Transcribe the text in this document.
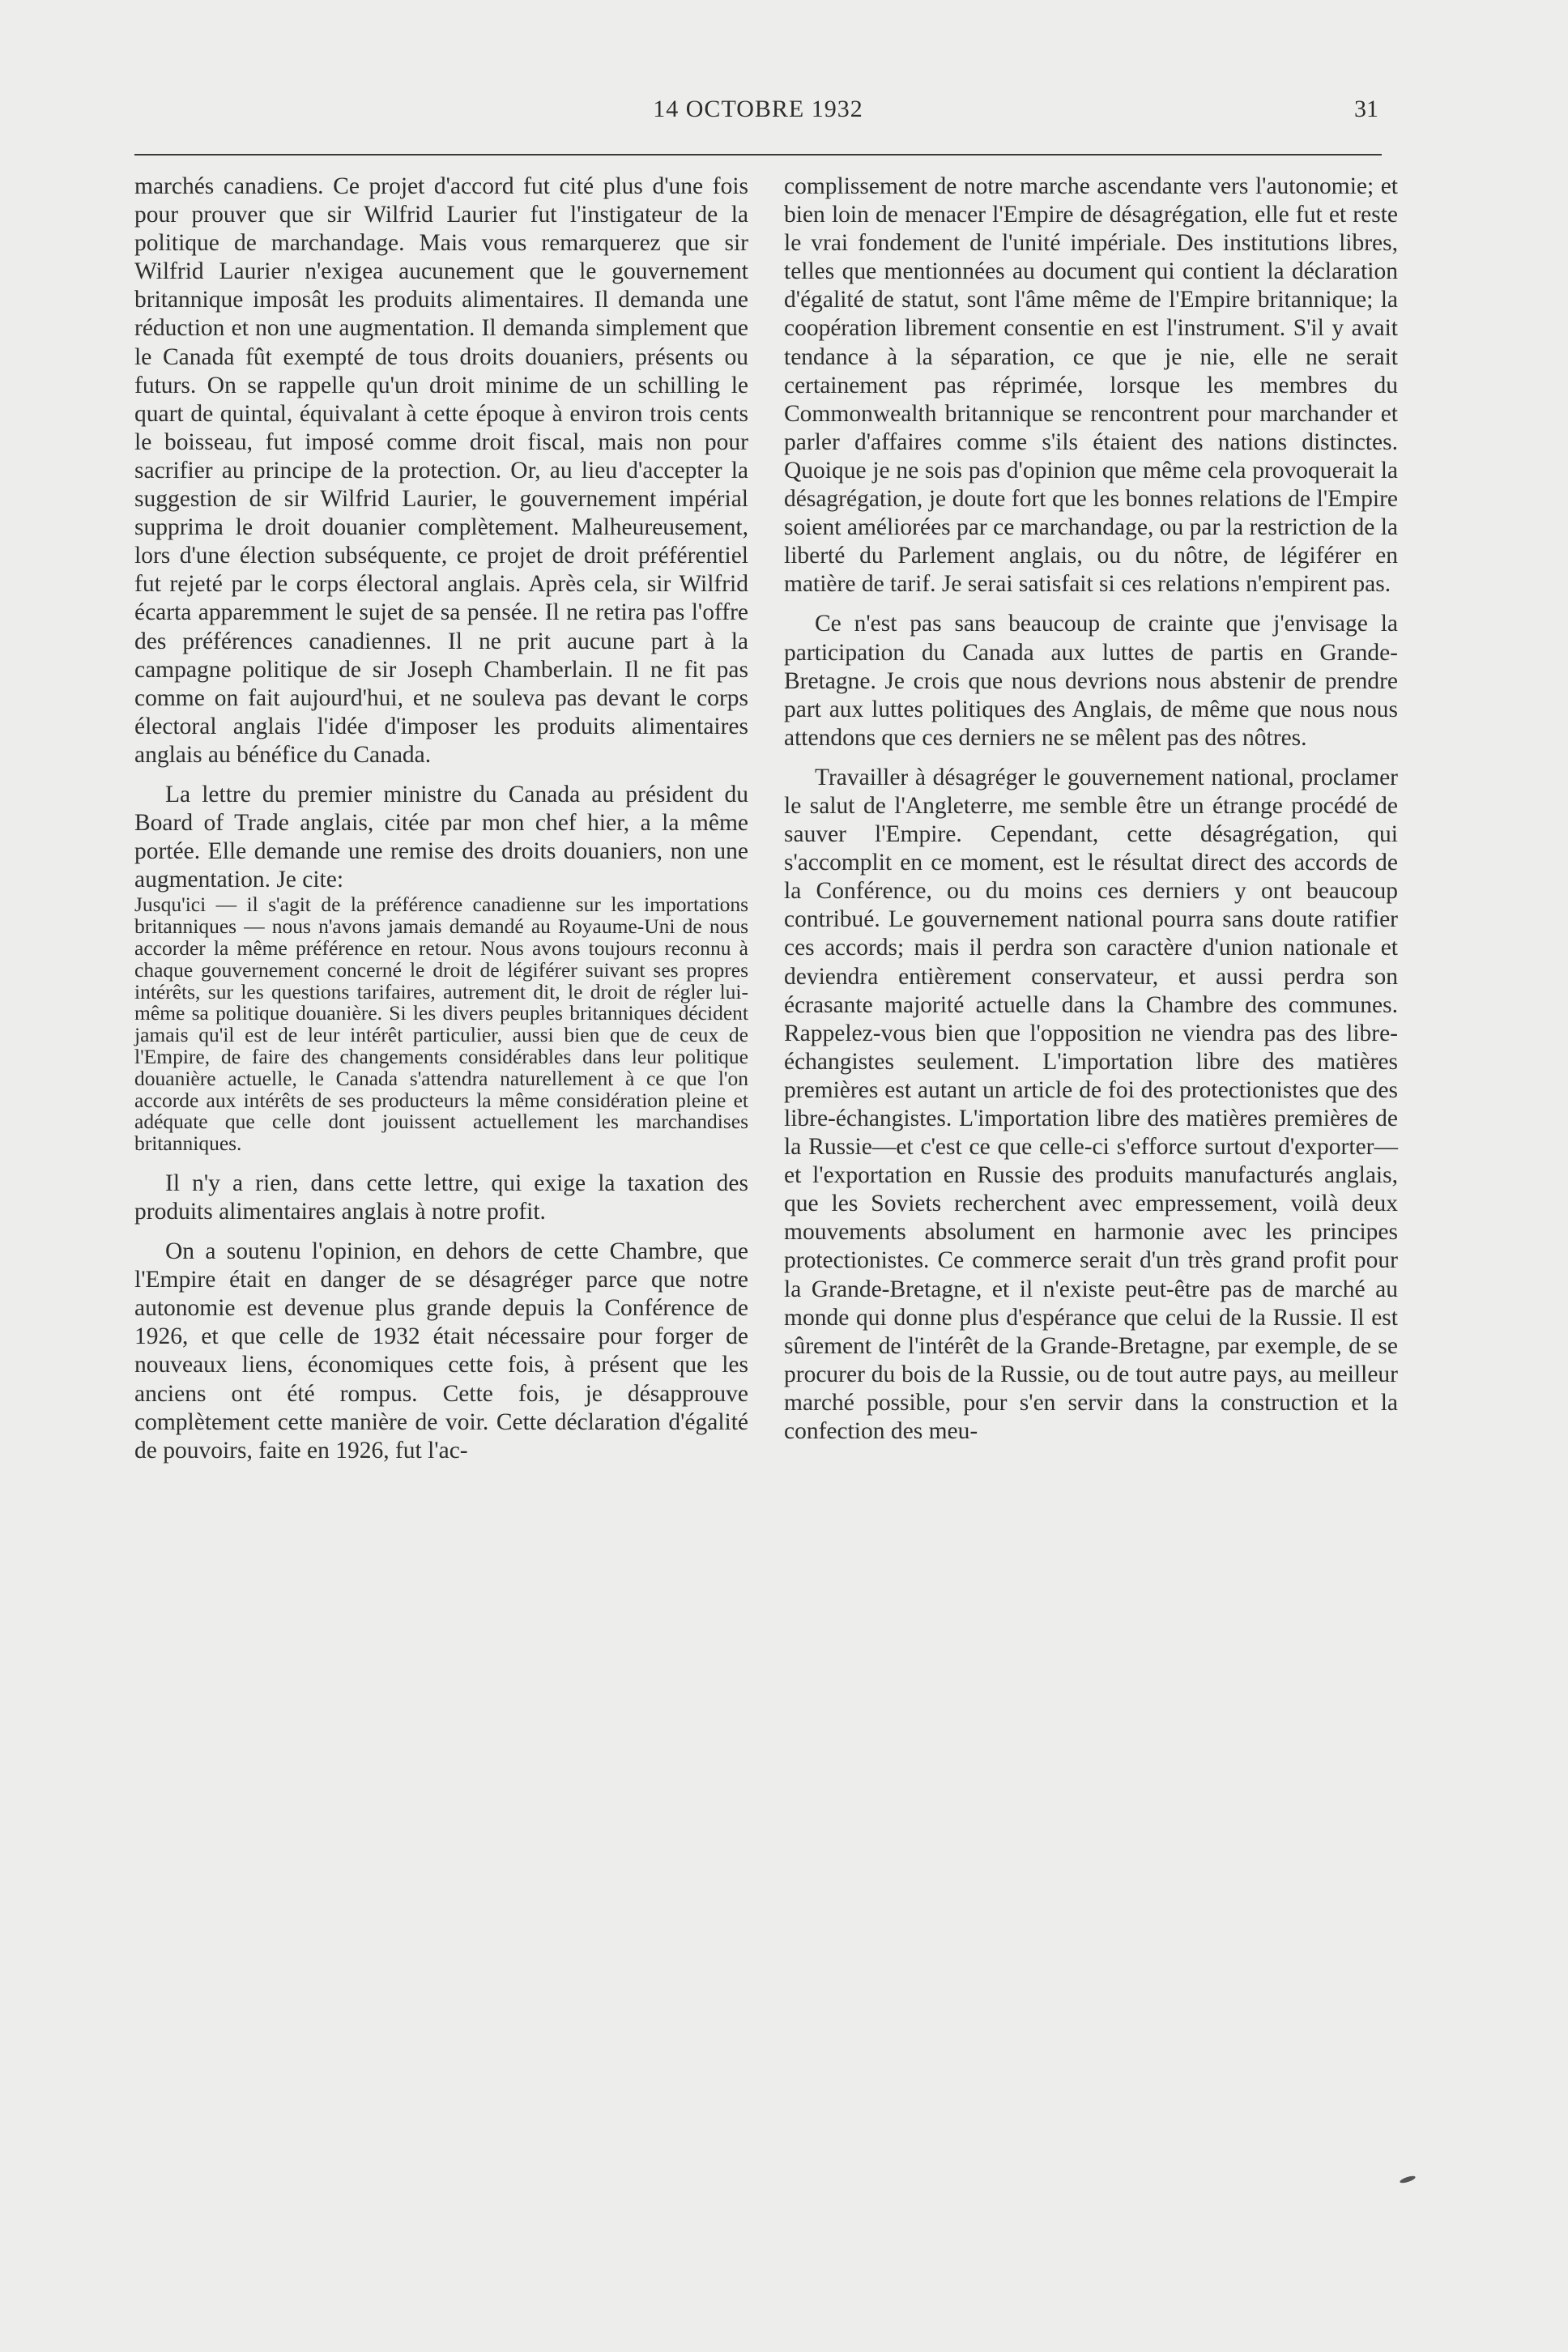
14 OCTOBRE 1932	31

marchés canadiens. Ce projet d'accord fut cité plus d'une fois pour prouver que sir Wilfrid Laurier fut l'instigateur de la politique de marchandage. Mais vous remarquerez que sir Wilfrid Laurier n'exigea aucunement que le gouvernement britannique imposât les produits alimentaires. Il demanda une réduction et non une augmentation. Il demanda simplement que le Canada fût exempté de tous droits douaniers, présents ou futurs. On se rappelle qu'un droit minime de un schilling le quart de quintal, équivalant à cette époque à environ trois cents le boisseau, fut imposé comme droit fiscal, mais non pour sacrifier au principe de la protection. Or, au lieu d'accepter la suggestion de sir Wilfrid Laurier, le gouvernement impérial supprima le droit douanier complètement. Malheureusement, lors d'une élection subséquente, ce projet de droit préférentiel fut rejeté par le corps électoral anglais. Après cela, sir Wilfrid écarta apparemment le sujet de sa pensée. Il ne retira pas l'offre des préférences canadiennes. Il ne prit aucune part à la campagne politique de sir Joseph Chamberlain. Il ne fit pas comme on fait aujourd'hui, et ne souleva pas devant le corps électoral anglais l'idée d'imposer les produits alimentaires anglais au bénéfice du Canada.

La lettre du premier ministre du Canada au président du Board of Trade anglais, citée par mon chef hier, a la même portée. Elle demande une remise des droits douaniers, non une augmentation. Je cite:

Jusqu'ici — il s'agit de la préférence canadienne sur les importations britanniques — nous n'avons jamais demandé au Royaume-Uni de nous accorder la même préférence en retour. Nous avons toujours reconnu à chaque gouvernement concerné le droit de légiférer suivant ses propres intérêts, sur les questions tarifaires, autrement dit, le droit de régler lui-même sa politique douanière. Si les divers peuples britanniques décident jamais qu'il est de leur intérêt particulier, aussi bien que de ceux de l'Empire, de faire des changements considérables dans leur politique douanière actuelle, le Canada s'attendra naturellement à ce que l'on accorde aux intérêts de ses producteurs la même considération pleine et adéquate que celle dont jouissent actuellement les marchandises britanniques.

Il n'y a rien, dans cette lettre, qui exige la taxation des produits alimentaires anglais à notre profit.

On a soutenu l'opinion, en dehors de cette Chambre, que l'Empire était en danger de se désagréger parce que notre autonomie est devenue plus grande depuis la Conférence de 1926, et que celle de 1932 était nécessaire pour forger de nouveaux liens, économiques cette fois, à présent que les anciens ont été rompus. Cette fois, je désapprouve complètement cette manière de voir. Cette déclaration d'égalité de pouvoirs, faite en 1926, fut l'ac-

complissement de notre marche ascendante vers l'autonomie; et bien loin de menacer l'Empire de désagrégation, elle fut et reste le vrai fondement de l'unité impériale. Des institutions libres, telles que mentionnées au document qui contient la déclaration d'égalité de statut, sont l'âme même de l'Empire britannique; la coopération librement consentie en est l'instrument. S'il y avait tendance à la séparation, ce que je nie, elle ne serait certainement pas réprimée, lorsque les membres du Commonwealth britannique se rencontrent pour marchander et parler d'affaires comme s'ils étaient des nations distinctes. Quoique je ne sois pas d'opinion que même cela provoquerait la désagrégation, je doute fort que les bonnes relations de l'Empire soient améliorées par ce marchandage, ou par la restriction de la liberté du Parlement anglais, ou du nôtre, de légiférer en matière de tarif. Je serai satisfait si ces relations n'empirent pas.

Ce n'est pas sans beaucoup de crainte que j'envisage la participation du Canada aux luttes de partis en Grande-Bretagne. Je crois que nous devrions nous abstenir de prendre part aux luttes politiques des Anglais, de même que nous nous attendons que ces derniers ne se mêlent pas des nôtres.

Travailler à désagréger le gouvernement national, proclamer le salut de l'Angleterre, me semble être un étrange procédé de sauver l'Empire. Cependant, cette désagrégation, qui s'accomplit en ce moment, est le résultat direct des accords de la Conférence, ou du moins ces derniers y ont beaucoup contribué. Le gouvernement national pourra sans doute ratifier ces accords; mais il perdra son caractère d'union nationale et deviendra entièrement conservateur, et aussi perdra son écrasante majorité actuelle dans la Chambre des communes. Rappelez-vous bien que l'opposition ne viendra pas des libre-échangistes seulement. L'importation libre des matières premières est autant un article de foi des protectionistes que des libre-échangistes. L'importation libre des matières premières de la Russie—et c'est ce que celle-ci s'efforce surtout d'exporter—et l'exportation en Russie des produits manufacturés anglais, que les Soviets recherchent avec empressement, voilà deux mouvements absolument en harmonie avec les principes protectionistes. Ce commerce serait d'un très grand profit pour la Grande-Bretagne, et il n'existe peut-être pas de marché au monde qui donne plus d'espérance que celui de la Russie. Il est sûrement de l'intérêt de la Grande-Bretagne, par exemple, de se procurer du bois de la Russie, ou de tout autre pays, au meilleur marché possible, pour s'en servir dans la construction et la confection des meu-
